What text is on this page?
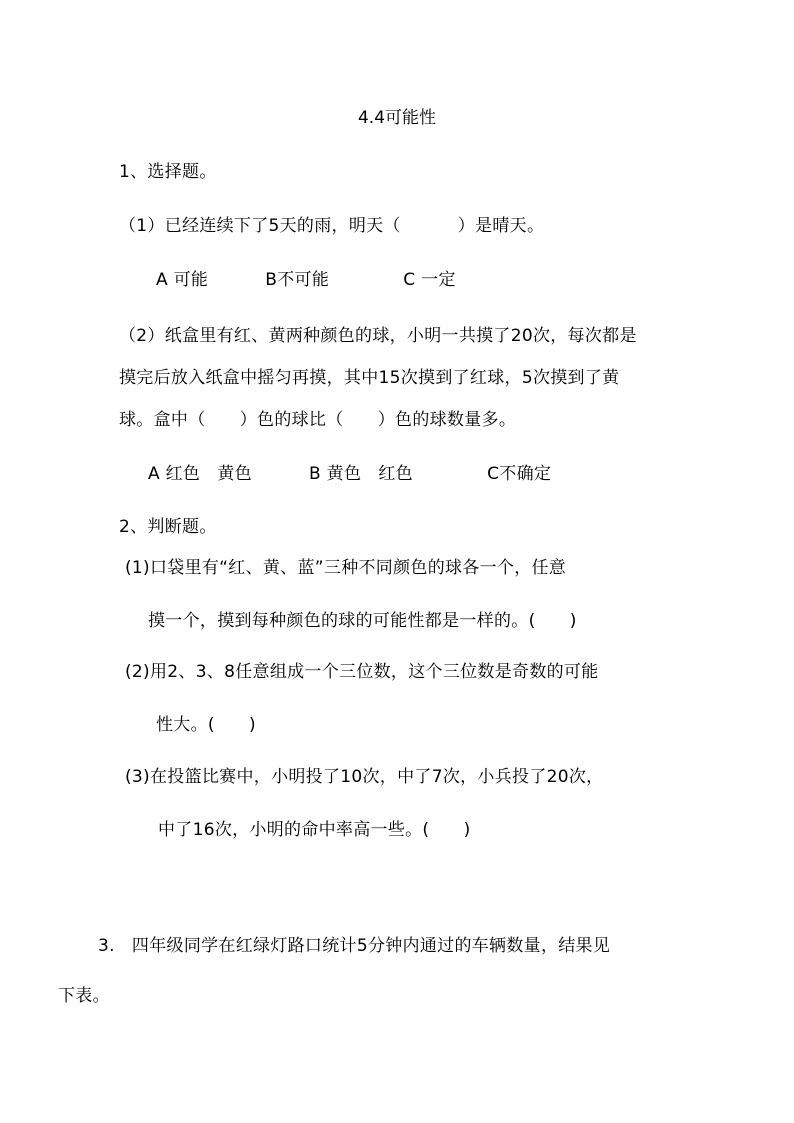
4.4可能性
1、选择题。
（1）已经连续下了5天的雨，明天（          ）是晴天。
A 可能          B不可能             C 一定
（2）纸盒里有红、黄两种颜色的球，小明一共摸了20次，每次都是
摸完后放入纸盒中摇匀再摸，其中15次摸到了红球，5次摸到了黄
球。盒中（      ）色的球比（      ）色的球数量多。
A 红色   黄色          B 黄色   红色             C不确定
2、判断题。
(1)口袋里有“红、黄、蓝”三种不同颜色的球各一个，任意
摸一个，摸到每种颜色的球的可能性都是一样的。(      )
(2)用2、3、8任意组成一个三位数，这个三位数是奇数的可能
性大。(      )
(3)在投篮比赛中，小明投了10次，中了7次，小兵投了20次，
中了16次，小明的命中率高一些。(      )
3.   四年级同学在红绿灯路口统计5分钟内通过的车辆数量，结果见
下表。
